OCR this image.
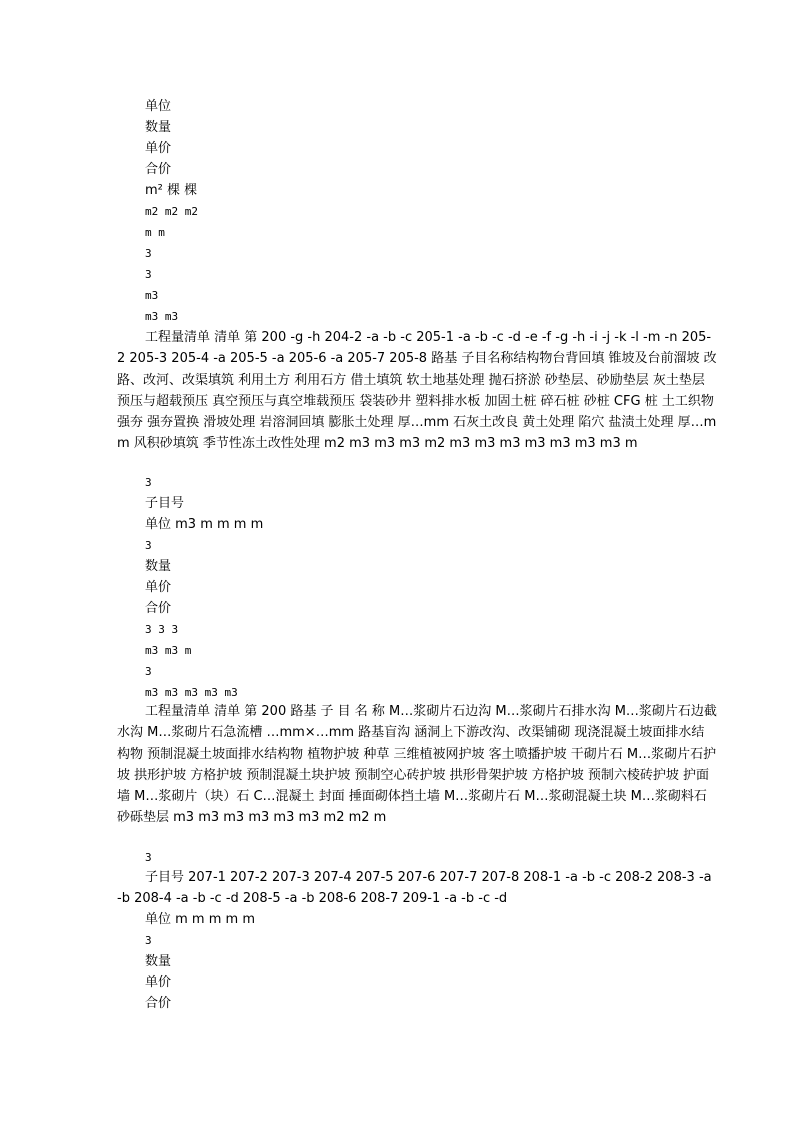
单位
数量
单价
合价
m² 棵 棵
m2 m2 m2
m m
3
3
m3
m3 m3
工程量清单 清单 第 200 -g -h 204-2 -a -b -c 205-1 -a -b -c -d -e -f -g -h -i -j -k -l -m -n 205-2 205-3 205-4 -a 205-5 -a 205-6 -a 205-7 205-8 路基 子目名称结构物台背回填 锥坡及台前溜坡 改路、改河、改渠填筑 利用土方 利用石方 借土填筑 软土地基处理 抛石挤淤 砂垫层、砂励垫层 灰土垫层 预压与超载预压 真空预压与真空堆载预压 袋装砂井 塑料排水板 加固土桩 碎石桩 砂桩 CFG 桩 土工织物 强夯 强夯置换 滑坡处理 岩溶洞回填 膨胀土处理 厚…mm 石灰土改良 黄土处理 陷穴 盐渍土处理 厚…mm 风积砂填筑 季节性冻土改性处理 m2 m3 m3 m3 m2 m3 m3 m3 m3 m3 m3 m3 m
3
子目号
单位 m3 m m m m
3
数量
单价
合价
3 3 3
m3 m3 m
3
m3 m3 m3 m3 m3
工程量清单 清单 第 200 路基 子 目 名 称 M…浆砌片石边沟 M…浆砌片石排水沟 M…浆砌片石边截水沟 M…浆砌片石急流槽 …mm×…mm 路基盲沟 涵洞上下游改沟、改渠铺砌 现浇混凝土坡面排水结构物 预制混凝土坡面排水结构物 植物护坡 种草 三维植被网护坡 客土喷播护坡 干砌片石 M…浆砌片石护坡 拱形护坡 方格护坡 预制混凝土块护坡 预制空心砖护坡 拱形骨架护坡 方格护坡 预制六棱砖护坡 护面墙 M…浆砌片（块）石 C…混凝土 封面 捶面砌体挡土墙 M…浆砌片石 M…浆砌混凝土块 M…浆砌料石 砂砾垫层 m3 m3 m3 m3 m3 m3 m2 m2 m
3
子目号 207-1 207-2 207-3 207-4 207-5 207-6 207-7 207-8 208-1 -a -b -c 208-2 208-3 -a -b 208-4 -a -b -c -d 208-5 -a -b 208-6 208-7 209-1 -a -b -c -d
单位 m m m m m
3
数量
单价
合价
